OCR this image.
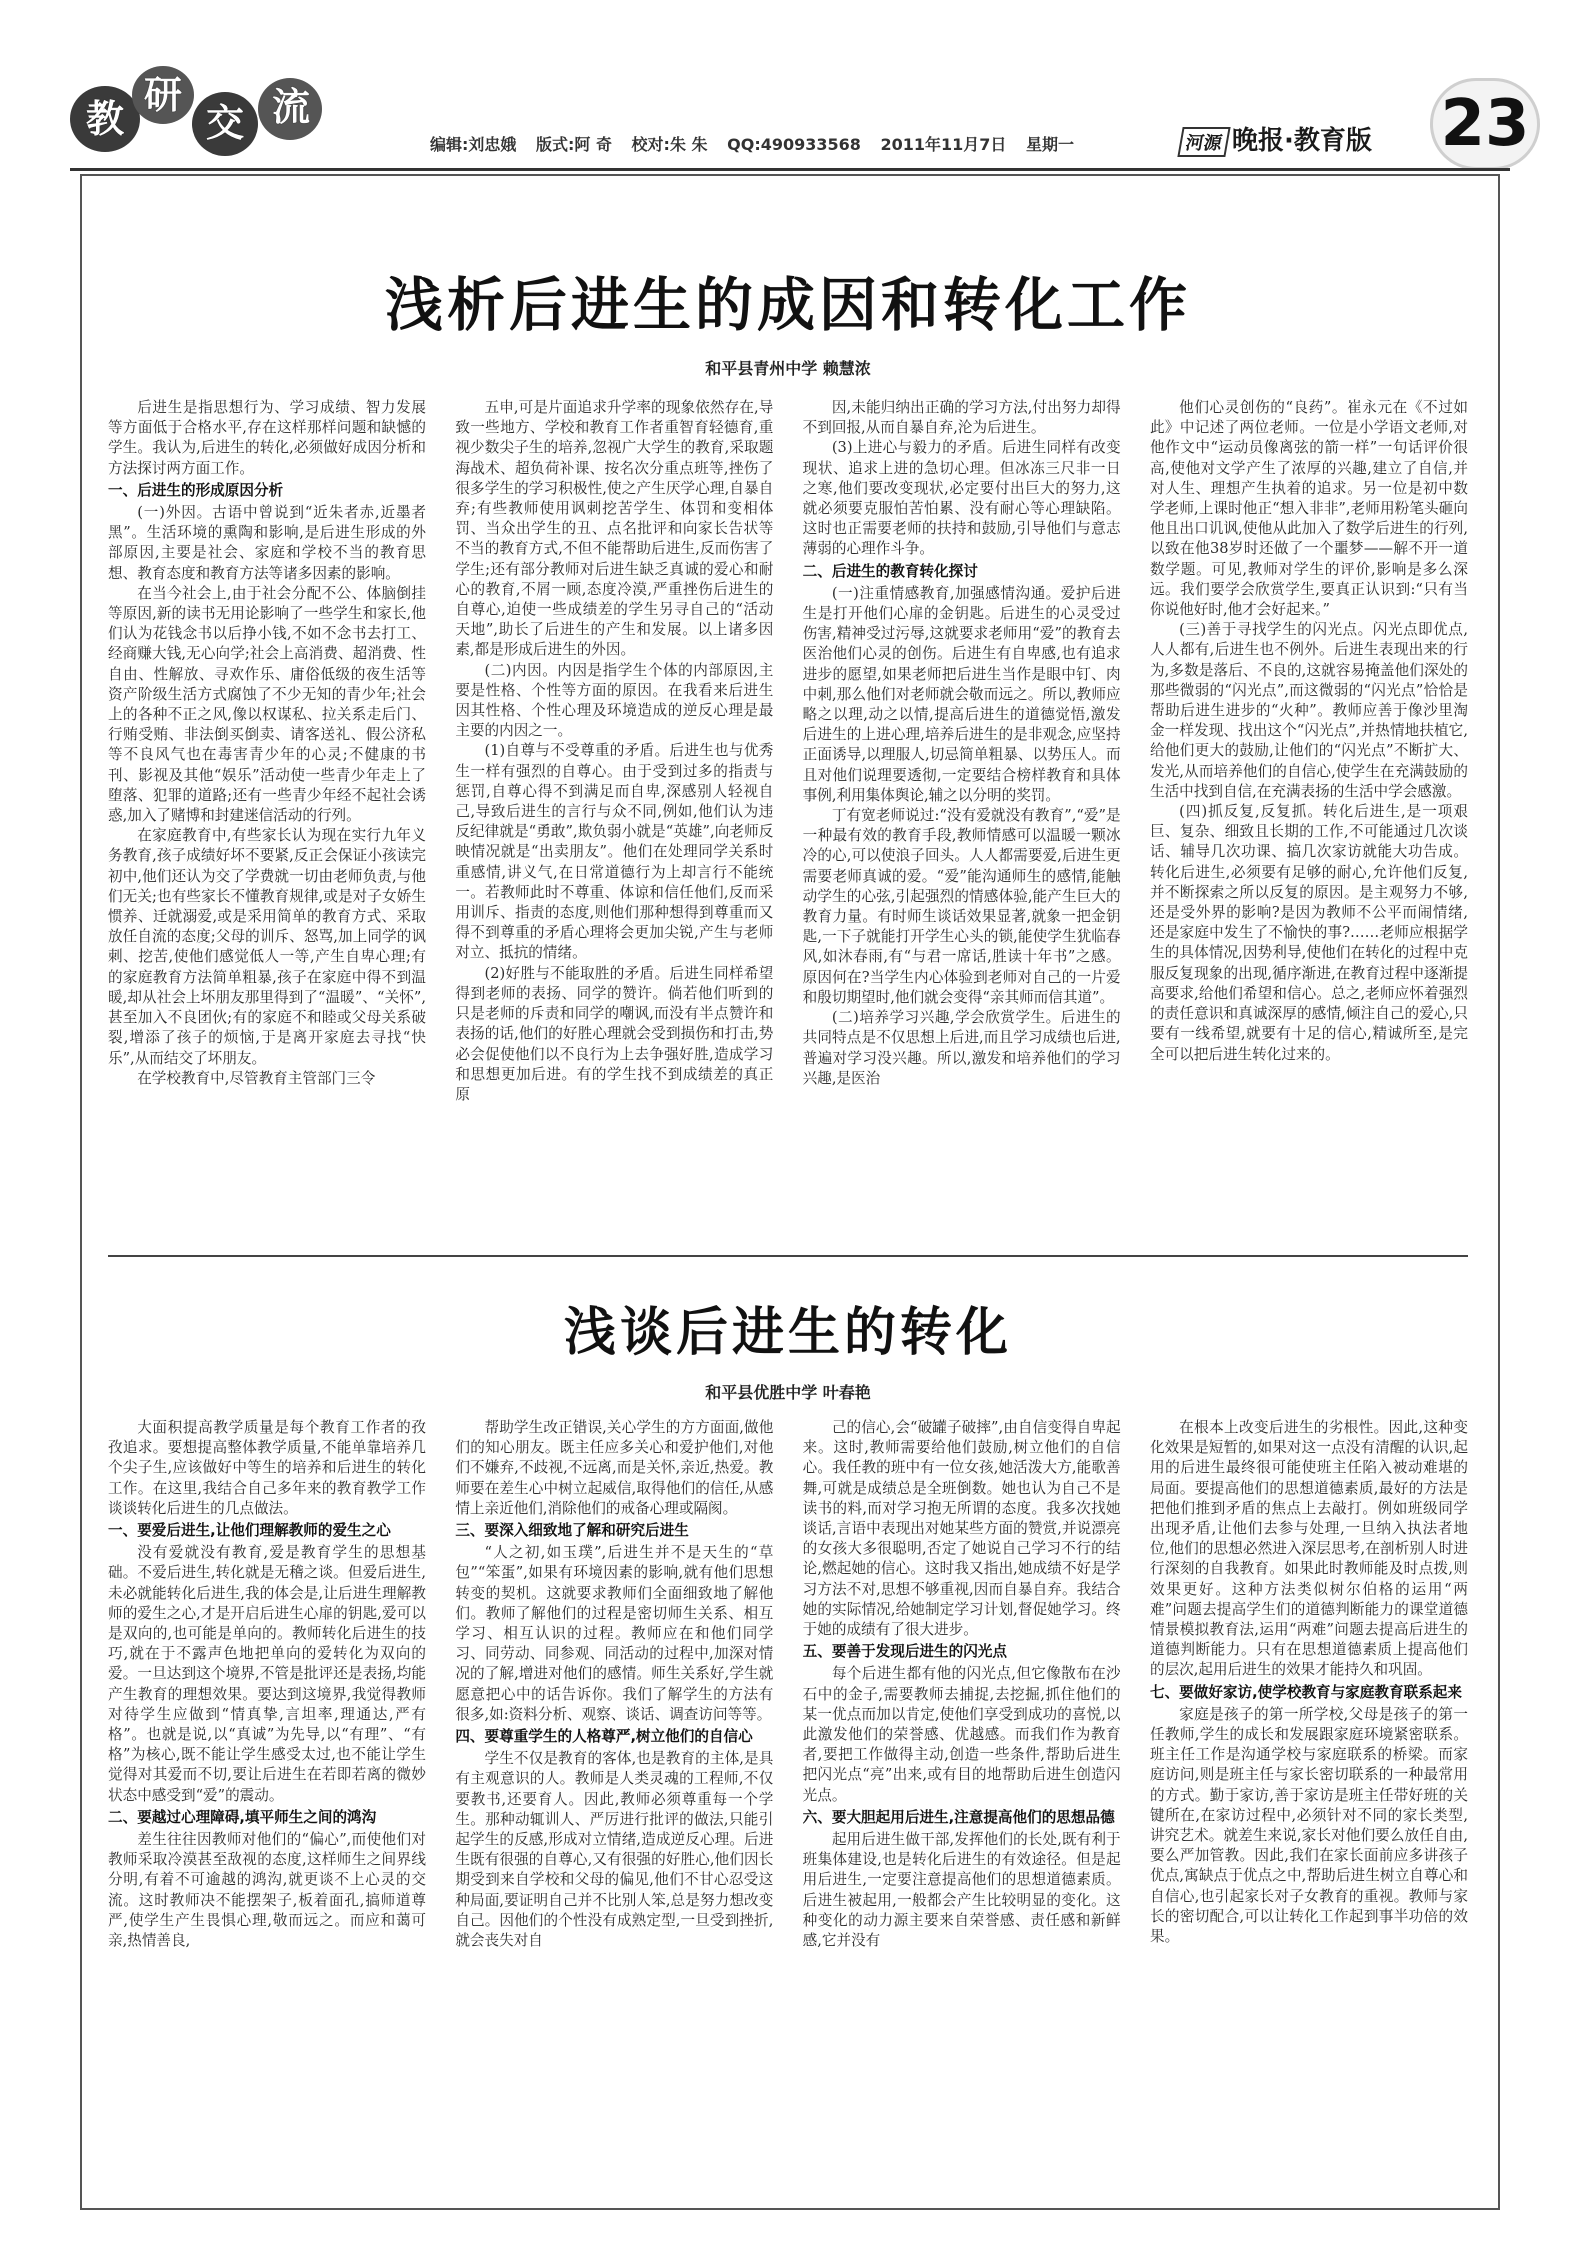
教
研
交 流
编辑:刘忠娥 版式:阿 奇 校对:朱 朱 QQ:490933568 2011年11月7日 星期一	河源 晚报·教育版 23
浅析后进生的成因和转化工作
和平县青州中学 赖慧浓

后进生是指思想行为、学习成绩、智力发展等方面低于合格水平,存在这样那样问题和缺憾的学生。我认为,后进生的转化,必须做好成因分析和方法探讨两方面工作。

一、后进生的形成原因分析

(一)外因。古语中曾说到“近朱者赤,近墨者黑”。生活环境的熏陶和影响,是后进生形成的外部原因,主要是社会、家庭和学校不当的教育思想、教育态度和教育方法等诸多因素的影响。

在当今社会上,由于社会分配不公、体脑倒挂等原因,新的读书无用论影响了一些学生和家长,他们认为花钱念书以后挣小钱,不如不念书去打工、经商赚大钱,无心向学;社会上高消费、超消费、性自由、性解放、寻欢作乐、庸俗低级的夜生活等资产阶级生活方式腐蚀了不少无知的青少年;社会上的各种不正之风,像以权谋私、拉关系走后门、行贿受贿、非法倒买倒卖、请客送礼、假公济私等不良风气也在毒害青少年的心灵;不健康的书刊、影视及其他“娱乐”活动使一些青少年走上了堕落、犯罪的道路;还有一些青少年经不起社会诱惑,加入了赌博和封建迷信活动的行列。

在家庭教育中,有些家长认为现在实行九年义务教育,孩子成绩好坏不要紧,反正会保证小孩读完初中,他们还认为交了学费就一切由老师负责,与他们无关;也有些家长不懂教育规律,或是对子女娇生惯养、迁就溺爱,或是采用简单的教育方式、采取放任自流的态度;父母的训斥、怒骂,加上同学的讽刺、挖苦,使他们感觉低人一等,产生自卑心理;有的家庭教育方法简单粗暴,孩子在家庭中得不到温暖,却从社会上坏朋友那里得到了“温暖”、“关怀”,甚至加入不良团伙;有的家庭不和睦或父母关系破裂,增添了孩子的烦恼,于是离开家庭去寻找“快乐”,从而结交了坏朋友。

在学校教育中,尽管教育主管部门三令

五申,可是片面追求升学率的现象依然存在,导致一些地方、学校和教育工作者重智育轻德育,重视少数尖子生的培养,忽视广大学生的教育,采取题海战术、超负荷补课、按名次分重点班等,挫伤了很多学生的学习积极性,使之产生厌学心理,自暴自弃;有些教师使用讽刺挖苦学生、体罚和变相体罚、当众出学生的丑、点名批评和向家长告状等不当的教育方式,不但不能帮助后进生,反而伤害了学生;还有部分教师对后进生缺乏真诚的爱心和耐心的教育,不屑一顾,态度冷漠,严重挫伤后进生的自尊心,迫使一些成绩差的学生另寻自己的“活动天地”,助长了后进生的产生和发展。以上诸多因素,都是形成后进生的外因。

(二)内因。内因是指学生个体的内部原因,主要是性格、个性等方面的原因。在我看来后进生因其性格、个性心理及环境造成的逆反心理是最主要的内因之一。

(1)自尊与不受尊重的矛盾。后进生也与优秀生一样有强烈的自尊心。由于受到过多的指责与惩罚,自尊心得不到满足而自卑,深感别人轻视自己,导致后进生的言行与众不同,例如,他们认为违反纪律就是“勇敢”,欺负弱小就是“英雄”,向老师反映情况就是“出卖朋友”。他们在处理同学关系时重感情,讲义气,在日常道德行为上却言行不能统一。若教师此时不尊重、体谅和信任他们,反而采用训斥、指责的态度,则他们那种想得到尊重而又得不到尊重的矛盾心理将会更加尖锐,产生与老师对立、抵抗的情绪。

(2)好胜与不能取胜的矛盾。后进生同样希望得到老师的表扬、同学的赞许。倘若他们听到的只是老师的斥责和同学的嘲讽,而没有半点赞许和表扬的话,他们的好胜心理就会受到损伤和打击,势必会促使他们以不良行为上去争强好胜,造成学习和思想更加后进。有的学生找不到成绩差的真正原

因,未能归纳出正确的学习方法,付出努力却得不到回报,从而自暴自弃,沦为后进生。

(3)上进心与毅力的矛盾。后进生同样有改变现状、追求上进的急切心理。但冰冻三尺非一日之寒,他们要改变现状,必定要付出巨大的努力,这就必须要克服怕苦怕累、没有耐心等心理缺陷。这时也正需要老师的扶持和鼓励,引导他们与意志薄弱的心理作斗争。

二、后进生的教育转化探讨

(一)注重情感教育,加强感情沟通。爱护后进生是打开他们心扉的金钥匙。后进生的心灵受过伤害,精神受过污辱,这就要求老师用“爱”的教育去医治他们心灵的创伤。后进生有自卑感,也有追求进步的愿望,如果老师把后进生当作是眼中钉、肉中刺,那么他们对老师就会敬而远之。所以,教师应略之以理,动之以情,提高后进生的道德觉悟,激发后进生的上进心理,培养后进生的是非观念,应坚持正面诱导,以理服人,切忌简单粗暴、以势压人。而且对他们说理要透彻,一定要结合榜样教育和具体事例,利用集体舆论,辅之以分明的奖罚。

丁有宽老师说过:“没有爱就没有教育”,“爱”是一种最有效的教育手段,教师情感可以温暖一颗冰冷的心,可以使浪子回头。人人都需要爱,后进生更需要老师真诚的爱。“爱”能沟通师生的感情,能触动学生的心弦,引起强烈的情感体验,能产生巨大的教育力量。有时师生谈话效果显著,就象一把金钥匙,一下子就能打开学生心头的锁,能使学生犹临春风,如沐春雨,有“与君一席话,胜读十年书”之感。原因何在?当学生内心体验到老师对自己的一片爱和殷切期望时,他们就会变得“亲其师而信其道”。

(二)培养学习兴趣,学会欣赏学生。后进生的共同特点是不仅思想上后进,而且学习成绩也后进,普遍对学习没兴趣。所以,激发和培养他们的学习兴趣,是医治

他们心灵创伤的“良药”。崔永元在《不过如此》中记述了两位老师。一位是小学语文老师,对他作文中“运动员像离弦的箭一样”一句话评价很高,使他对文学产生了浓厚的兴趣,建立了自信,并对人生、理想产生执着的追求。另一位是初中数学老师,上课时他正“想入非非”,老师用粉笔头砸向他且出口讥讽,使他从此加入了数学后进生的行列,以致在他38岁时还做了一个噩梦——解不开一道数学题。可见,教师对学生的评价,影响是多么深远。我们要学会欣赏学生,要真正认识到:“只有当你说他好时,他才会好起来。”

(三)善于寻找学生的闪光点。闪光点即优点,人人都有,后进生也不例外。后进生表现出来的行为,多数是落后、不良的,这就容易掩盖他们深处的那些微弱的“闪光点”,而这微弱的“闪光点”恰恰是帮助后进生进步的“火种”。教师应善于像沙里淘金一样发现、找出这个“闪光点”,并热情地扶植它,给他们更大的鼓励,让他们的“闪光点”不断扩大、发光,从而培养他们的自信心,使学生在充满鼓励的生活中找到自信,在充满表扬的生活中学会感激。

(四)抓反复,反复抓。转化后进生,是一项艰巨、复杂、细致且长期的工作,不可能通过几次谈话、辅导几次功课、搞几次家访就能大功告成。转化后进生,必须要有足够的耐心,允许他们反复,并不断探索之所以反复的原因。是主观努力不够,还是受外界的影响?是因为教师不公平而闹情绪,还是家庭中发生了不愉快的事?……老师应根据学生的具体情况,因势利导,使他们在转化的过程中克服反复现象的出现,循序渐进,在教育过程中逐渐提高要求,给他们希望和信心。总之,老师应怀着强烈的责任意识和真诚深厚的感情,倾注自己的爱心,只要有一线希望,就要有十足的信心,精诚所至,是完全可以把后进生转化过来的。

浅谈后进生的转化
和平县优胜中学 叶春艳

大面积提高教学质量是每个教育工作者的孜孜追求。要想提高整体教学质量,不能单靠培养几个尖子生,应该做好中等生的培养和后进生的转化工作。在这里,我结合自己多年来的教育教学工作谈谈转化后进生的几点做法。

一、要爱后进生,让他们理解教师的爱生之心

没有爱就没有教育,爱是教育学生的思想基础。不爱后进生,转化就是无稽之谈。但爱后进生,未必就能转化后进生,我的体会是,让后进生理解教师的爱生之心,才是开启后进生心扉的钥匙,爱可以是双向的,也可能是单向的。教师转化后进生的技巧,就在于不露声色地把单向的爱转化为双向的爱。一旦达到这个境界,不管是批评还是表扬,均能产生教育的理想效果。要达到这境界,我觉得教师对待学生应做到“情真挚,言坦率,理通达,严有格”。也就是说,以“真诚”为先导,以“有理”、“有格”为核心,既不能让学生感受太过,也不能让学生觉得对其爱而不切,要让后进生在若即若离的微妙状态中感受到“爱”的震动。

二、要越过心理障碍,填平师生之间的鸿沟

差生往往因教师对他们的“偏心”,而使他们对教师采取冷漠甚至敌视的态度,这样师生之间界线分明,有着不可逾越的鸿沟,就更谈不上心灵的交流。这时教师决不能摆架子,板着面孔,搞师道尊严,使学生产生畏惧心理,敬而远之。而应和蔼可亲,热情善良,

帮助学生改正错误,关心学生的方方面面,做他们的知心朋友。既主任应多关心和爱护他们,对他们不嫌弃,不歧视,不远离,而是关怀,亲近,热爱。教师要在差生心中树立起威信,取得他们的信任,从感情上亲近他们,消除他们的戒备心理或隔阂。

三、要深入细致地了解和研究后进生

“人之初,如玉璞”,后进生并不是天生的“草包”“笨蛋”,如果有环境因素的影响,就有他们思想转变的契机。这就要求教师们全面细致地了解他们。教师了解他们的过程是密切师生关系、相互学习、相互认识的过程。教师应在和他们同学习、同劳动、同参观、同活动的过程中,加深对情况的了解,增进对他们的感情。师生关系好,学生就愿意把心中的话告诉你。我们了解学生的方法有很多,如:资料分析、观察、谈话、调查访问等等。

四、要尊重学生的人格尊严,树立他们的自信心

学生不仅是教育的客体,也是教育的主体,是具有主观意识的人。教师是人类灵魂的工程师,不仅要教书,还要育人。因此,教师必须尊重每一个学生。那种动辄训人、严厉进行批评的做法,只能引起学生的反感,形成对立情绪,造成逆反心理。后进生既有很强的自尊心,又有很强的好胜心,他们因长期受到来自学校和父母的偏见,他们不甘心忍受这种局面,要证明自己并不比别人笨,总是努力想改变自己。因他们的个性没有成熟定型,一旦受到挫折,就会丧失对自

己的信心,会“破罐子破摔”,由自信变得自卑起来。这时,教师需要给他们鼓励,树立他们的自信心。我任教的班中有一位女孩,她活泼大方,能歌善舞,可就是成绩总是全班倒数。她也认为自己不是读书的料,而对学习抱无所谓的态度。我多次找她谈话,言语中表现出对她某些方面的赞赏,并说漂亮的女孩大多很聪明,否定了她说自己学习不行的结论,燃起她的信心。这时我又指出,她成绩不好是学习方法不对,思想不够重视,因而自暴自弃。我结合她的实际情况,给她制定学习计划,督促她学习。终于她的成绩有了很大进步。

五、要善于发现后进生的闪光点

每个后进生都有他的闪光点,但它像散布在沙石中的金子,需要教师去捕捉,去挖掘,抓住他们的某一优点而加以肯定,使他们享受到成功的喜悦,以此激发他们的荣誉感、优越感。而我们作为教育者,要把工作做得主动,创造一些条件,帮助后进生把闪光点“亮”出来,或有目的地帮助后进生创造闪光点。

六、要大胆起用后进生,注意提高他们的思想品德

起用后进生做干部,发挥他们的长处,既有利于班集体建设,也是转化后进生的有效途径。但是起用后进生,一定要注意提高他们的思想道德素质。后进生被起用,一般都会产生比较明显的变化。这种变化的动力源主要来自荣誉感、责任感和新鲜感,它并没有

在根本上改变后进生的劣根性。因此,这种变化效果是短暂的,如果对这一点没有清醒的认识,起用的后进生最终很可能使班主任陷入被动难堪的局面。要提高他们的思想道德素质,最好的方法是把他们推到矛盾的焦点上去敲打。例如班级同学出现矛盾,让他们去参与处理,一旦纳入执法者地位,他们的思想必然进入深层思考,在剖析别人时进行深刻的自我教育。如果此时教师能及时点拨,则效果更好。这种方法类似树尔伯格的运用“两难”问题去提高学生们的道德判断能力的课堂道德情景模拟教育法,运用“两难”问题去提高后进生的道德判断能力。只有在思想道德素质上提高他们的层次,起用后进生的效果才能持久和巩固。

七、要做好家访,使学校教育与家庭教育联系起来

家庭是孩子的第一所学校,父母是孩子的第一任教师,学生的成长和发展跟家庭环境紧密联系。班主任工作是沟通学校与家庭联系的桥梁。而家庭访问,则是班主任与家长密切联系的一种最常用的方式。勤于家访,善于家访是班主任带好班的关键所在,在家访过程中,必须针对不同的家长类型,讲究艺术。就差生来说,家长对他们要么放任自由,要么严加管教。因此,我们在家长面前应多讲孩子优点,寓缺点于优点之中,帮助后进生树立自尊心和自信心,也引起家长对子女教育的重视。教师与家长的密切配合,可以让转化工作起到事半功倍的效果。
